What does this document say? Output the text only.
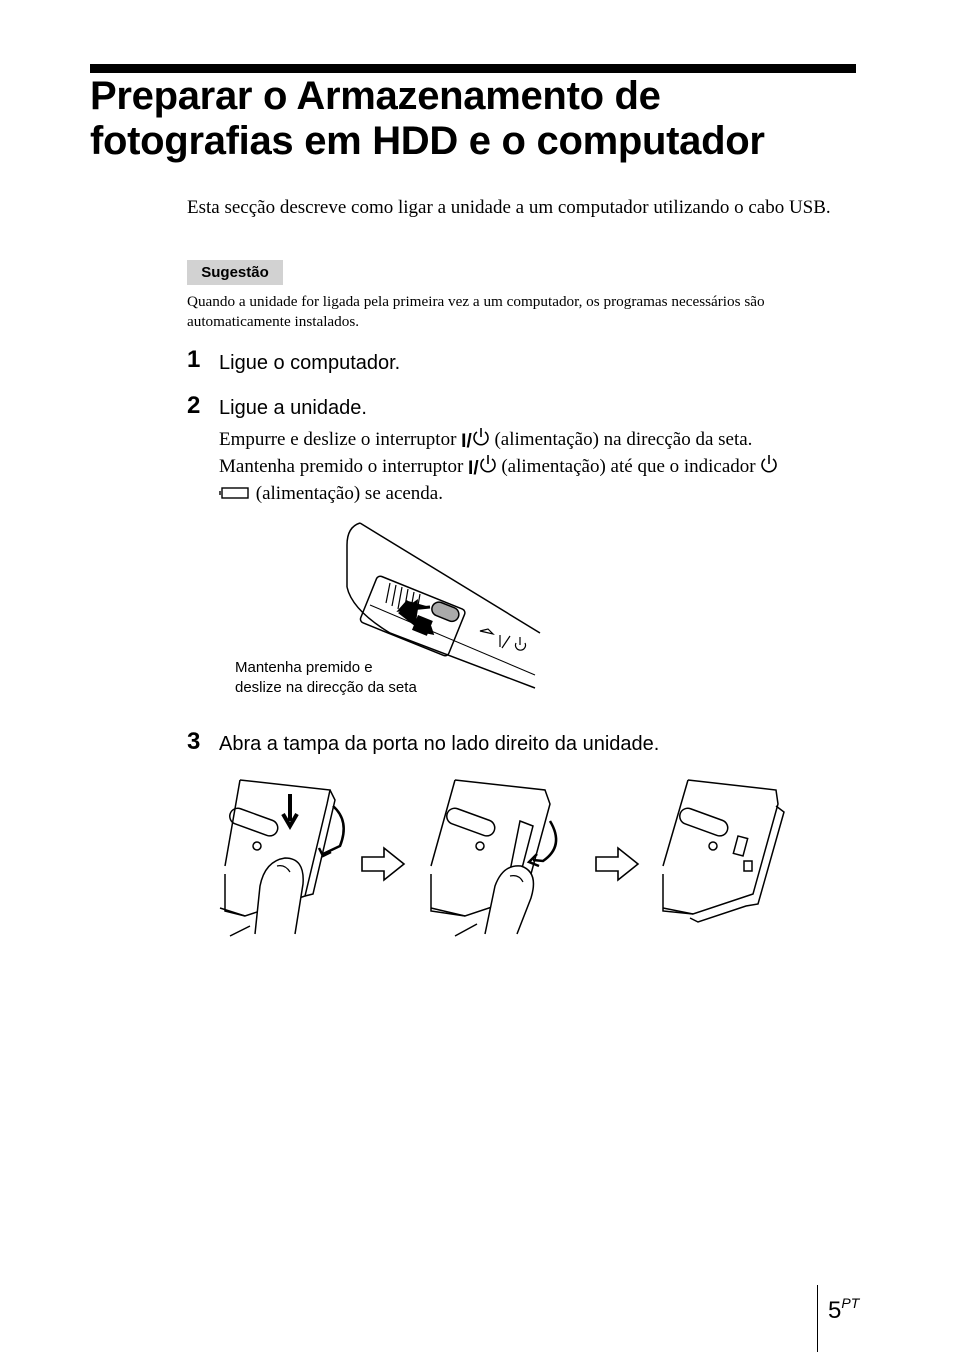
Preparar o Armazenamento de
fotografias em HDD e o computador
Esta secção descreve como ligar a unidade a um computador utilizando o cabo USB.
Sugestão
Quando a unidade for ligada pela primeira vez a um computador, os programas necessários são automaticamente instalados.
1 Ligue o computador.
2 Ligue a unidade.
Empurre e deslize o interruptor I/ (alimentação) na direcção da seta.
Mantenha premido o interruptor I/ (alimentação) até que o indicador
(alimentação) se acenda.
Mantenha premido e
deslize na direcção da seta
3 Abra a tampa da porta no lado direito da unidade.
$5^{PT}$
